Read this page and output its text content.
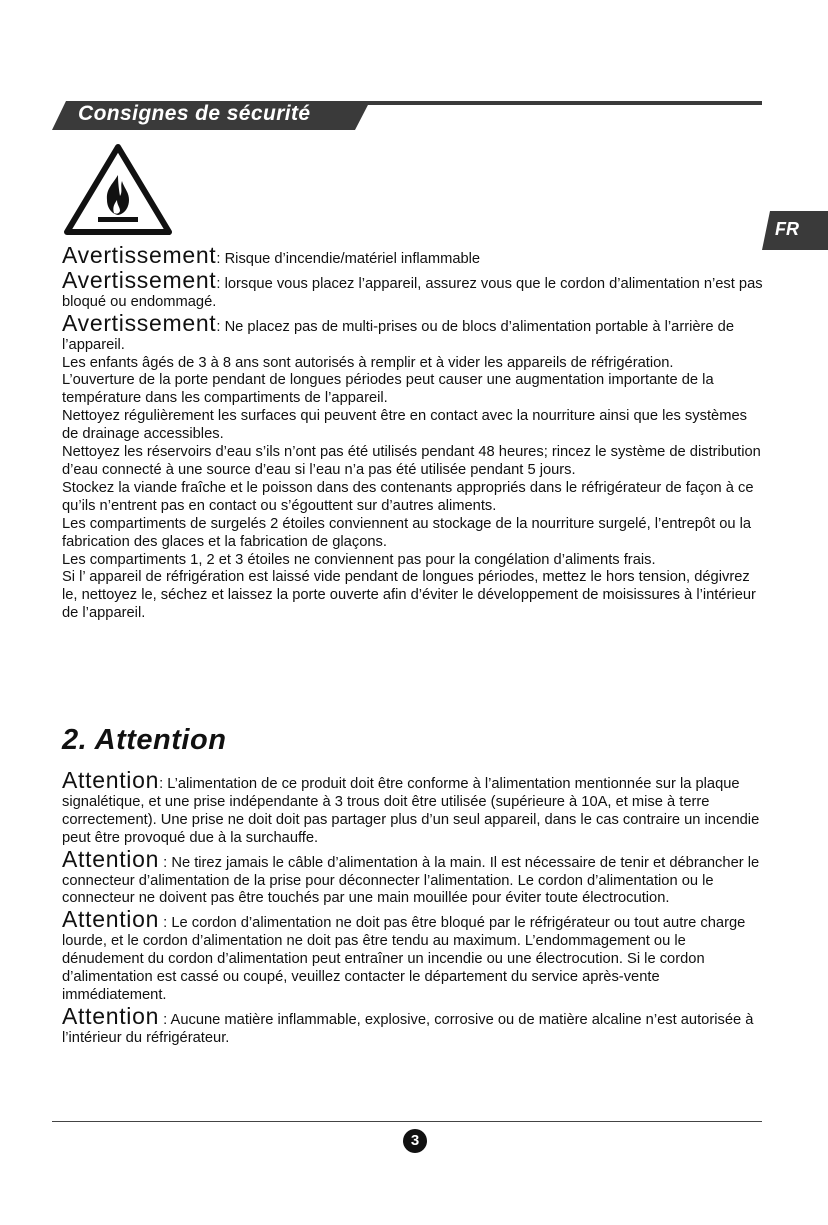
Consignes de sécurité
FR

Avertissement: Risque d’incendie/matériel inflammable

Avertissement: lorsque vous placez l’appareil, assurez vous que le cordon d’alimentation n’est pas bloqué ou endommagé.

Avertissement: Ne placez pas de multi-prises ou de blocs d’alimentation portable à l’arrière de l’appareil.

Les enfants âgés de 3 à 8 ans sont autorisés à remplir et à vider les appareils de réfrigération.

L’ouverture de la porte pendant de longues périodes peut causer une augmentation importante de la température dans les compartiments de l’appareil.

Nettoyez régulièrement les surfaces qui peuvent être en contact avec la nourriture ainsi que les systèmes de drainage accessibles.

Nettoyez les réservoirs d’eau s’ils n’ont pas été utilisés pendant 48 heures; rincez le système de distribution d’eau connecté à une source d’eau si l’eau n’a pas été utilisée pendant 5 jours.

Stockez la viande fraîche et le poisson dans des contenants appropriés dans le réfrigérateur de façon à ce qu’ils n’entrent pas en contact ou s’égouttent sur d’autres aliments.

Les compartiments de surgelés 2 étoiles conviennent au stockage de la nourriture surgelé, l’entrepôt ou la fabrication des glaces et la fabrication de glaçons.

Les compartiments 1, 2 et 3 étoiles ne conviennent pas pour la congélation d’aliments frais.

Si l’ appareil de réfrigération est laissé vide pendant de longues périodes, mettez le hors tension, dégivrez le, nettoyez le, séchez et laissez la porte ouverte afin d’éviter le développement de moisissures à l’intérieur de l’appareil.

2. Attention

Attention: L’alimentation de ce produit doit être conforme à l’alimentation mentionnée sur la plaque signalétique, et une prise indépendante à 3 trous doit être utilisée (supérieure à 10A, et mise à terre correctement). Une prise ne doit doit pas partager plus d’un seul appareil, dans le cas contraire un incendie peut être provoqué due à la surchauffe.

Attention : Ne tirez jamais le câble d’alimentation à la main. Il est nécessaire de tenir et débrancher le connecteur d’alimentation de la prise pour déconnecter l’alimentation. Le cordon d’alimentation ou le connecteur ne doivent pas être touchés par une main mouillée pour éviter toute électrocution.

Attention : Le cordon d’alimentation ne doit pas être bloqué par le réfrigérateur ou tout autre charge lourde, et le cordon d’alimentation ne doit pas être tendu au maximum. L’endommagement ou le dénudement du cordon d’alimentation peut entraîner un incendie ou une électrocution. Si le cordon d’alimentation est cassé ou coupé, veuillez contacter le département du service après-vente immédiatement.

Attention : Aucune matière inflammable, explosive, corrosive ou de matière alcaline n’est autorisée à l’intérieur du réfrigérateur.

3
